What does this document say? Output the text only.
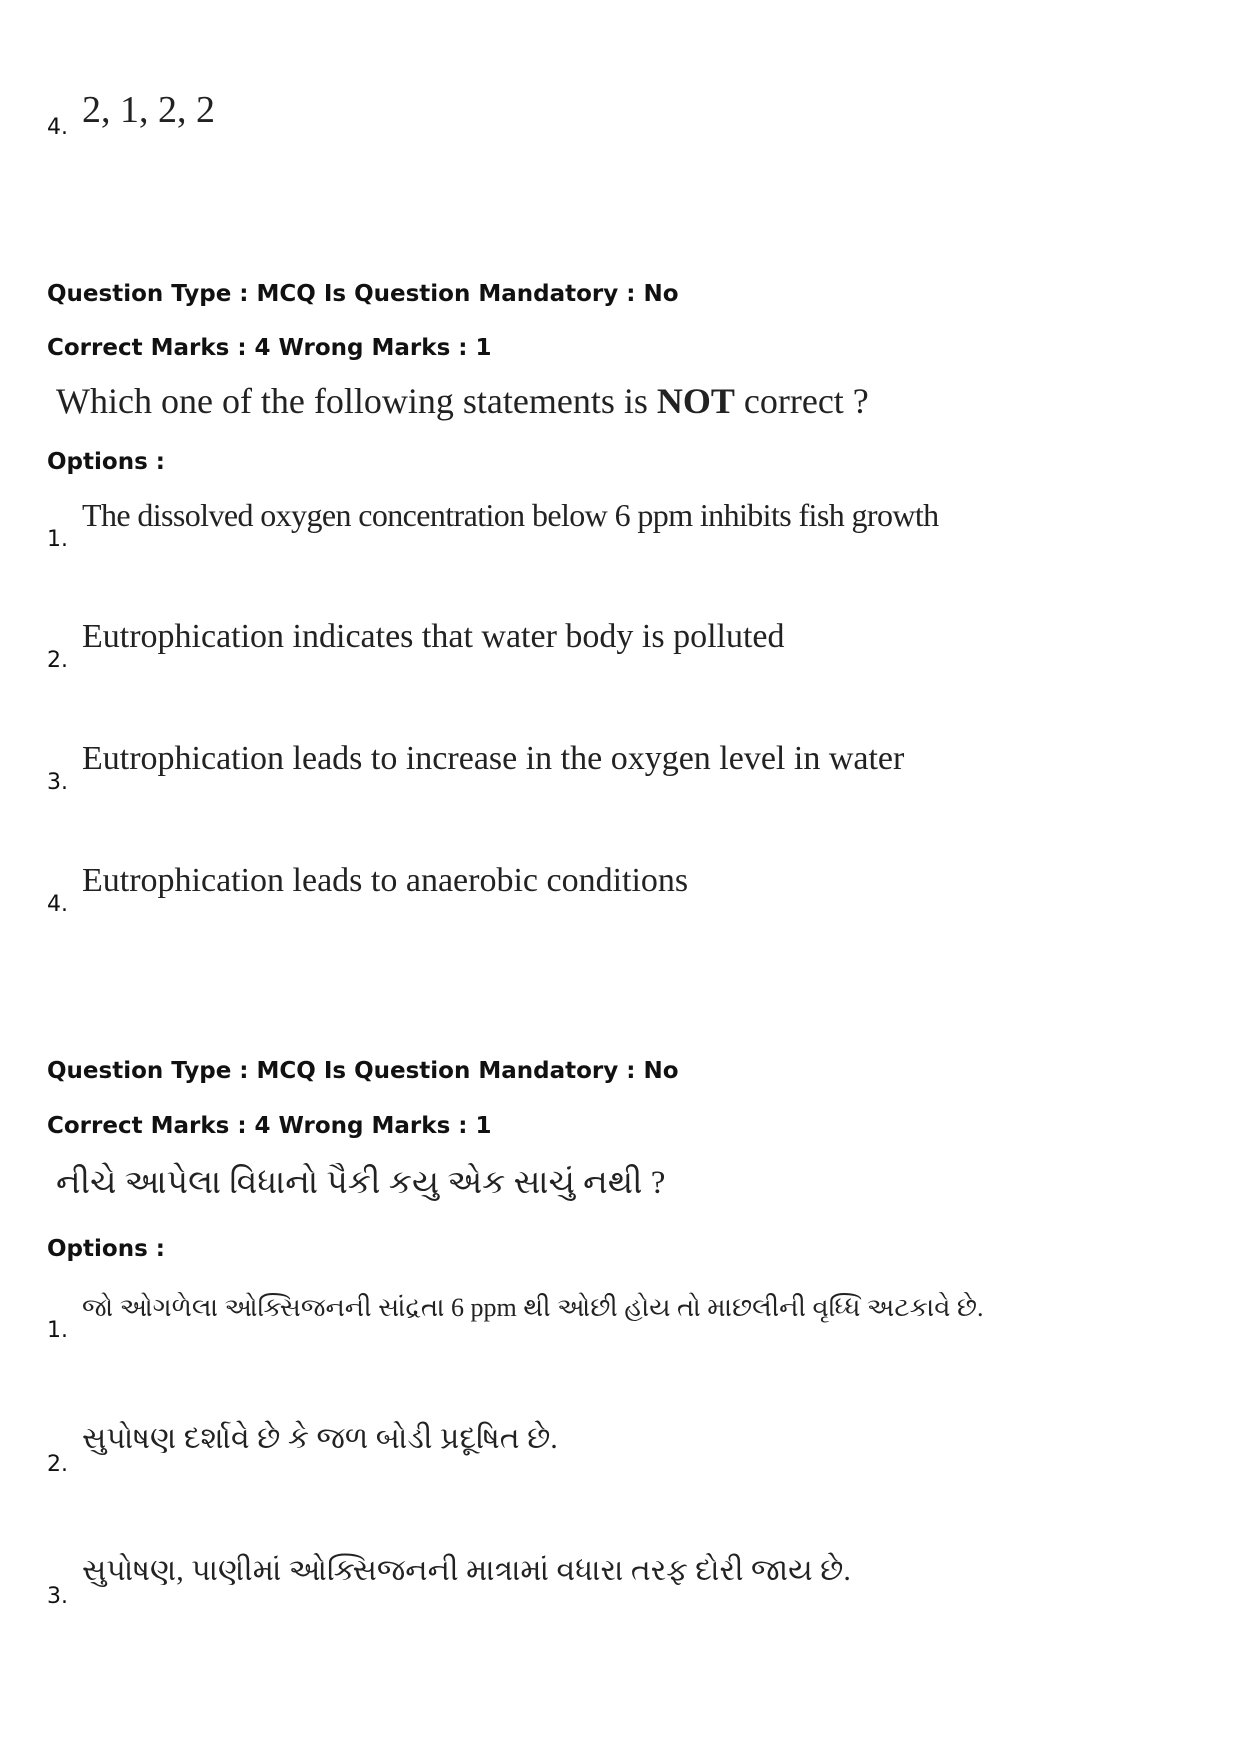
4. 2, 1, 2, 2
Question Type : MCQ Is Question Mandatory : No
Correct Marks : 4 Wrong Marks : 1
Which one of the following statements is NOT correct ?
Options :
1.
The dissolved oxygen concentration below 6 ppm inhibits fish growth
2.
Eutrophication indicates that water body is polluted
3.
Eutrophication leads to increase in the oxygen level in water
4.
Eutrophication leads to anaerobic conditions
Question Type : MCQ Is Question Mandatory : No
Correct Marks : 4 Wrong Marks : 1
નીચે આપેલા વિધાનો પૈકી કયુ એક સાચું નથી ?
Options :
1.
જો ઓગળેલા ઓક્સિજનની સાંદ્રતા 6 ppm થી ઓછી હોય તો માછલીની વૃધ્ધિ અટકાવે છે.
2.
સુપોષણ દર્શાવે છે કે જળ બોડી પ્રદૂષિત છે.
3.
સુપોષણ, પાણીમાં ઓક્સિજનની માત્રામાં વધારા તરફ દોરી જાય છે.
